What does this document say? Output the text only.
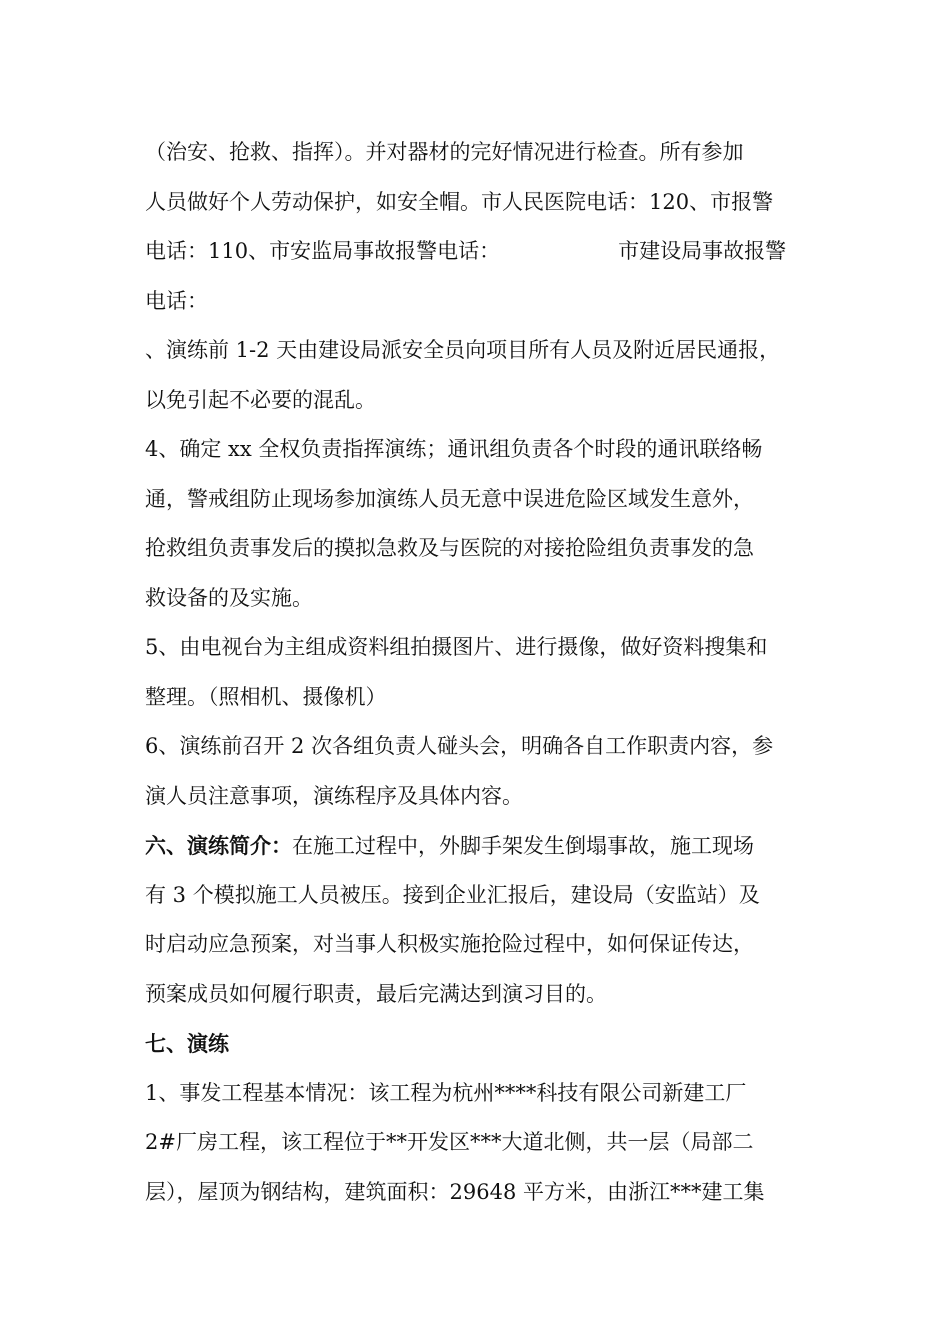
（治安、抢救、指挥）。并对器材的完好情况进行检查。所有参加
人员做好个人劳动保护，如安全帽。市人民医院电话：120、市报警
电话：110、市安监局事故报警电话：	市建设局事故报警
电话：
、演练前 1-2 天由建设局派安全员向项目所有人员及附近居民通报，
以免引起不必要的混乱。
4、确定 xx 全权负责指挥演练；通讯组负责各个时段的通讯联络畅
通，警戒组防止现场参加演练人员无意中误进危险区域发生意外，
抢救组负责事发后的摸拟急救及与医院的对接抢险组负责事发的急
救设备的及实施。
5、由电视台为主组成资料组拍摄图片、进行摄像，做好资料搜集和
整理。（照相机、摄像机）
6、演练前召开 2 次各组负责人碰头会，明确各自工作职责内容，参
演人员注意事项，演练程序及具体内容。
六、演练简介：在施工过程中，外脚手架发生倒塌事故，施工现场
有 3 个模拟施工人员被压。接到企业汇报后，建设局（安监站）及
时启动应急预案，对当事人积极实施抢险过程中，如何保证传达，
预案成员如何履行职责，最后完满达到演习目的。
七、演练
1、事发工程基本情况：该工程为杭州****科技有限公司新建工厂
2#厂房工程，该工程位于**开发区***大道北侧，共一层（局部二
层），屋顶为钢结构，建筑面积：29648 平方米，由浙江***建工集
